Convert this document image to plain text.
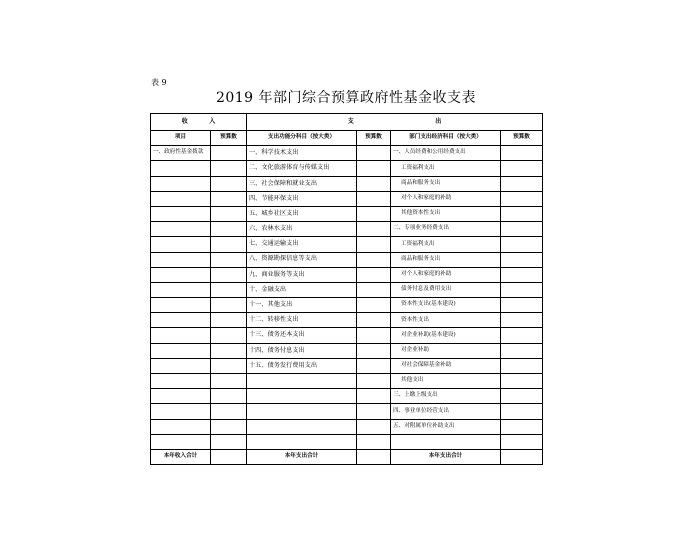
表 9
2019 年部门综合预算政府性基金收支表
收 入		支 出			

项目	预算数	支出功能分科目（按大类）	预算数	部门支出经济科目（按大类）	预算数
一、政府性基金拨款		一、科学技术支出		一、人员经费和公用经费支出	
		二、文化旅游体育与传媒支出		工资福利支出	
		三、社会保障和就业支出		商品和服务支出	
		四、节能环保支出		对个人和家庭的补助	
		五、城乡社区支出		其他资本性支出	
		六、农林水支出		二、专项业务经费支出	
		七、交通运输支出		工资福利支出	
		八、资源勘探信息等支出		商品和服务支出	
		九、商业服务等支出		对个人和家庭的补助	
		十、金融支出		债务付息及费用支出	
		十一、其他支出		资本性支出(基本建设)	
		十二、转移性支出		资本性支出	
		十三、债务还本支出		对企业补助(基本建设)	
		十四、债务付息支出		对企业补助	
		十五、债务发行费用支出		对社会保障基金补助	
				其他支出	
				三、上缴上级支出	
				四、事业单位经营支出	
				五、对附属单位补助支出	

本年收入合计		本年支出合计		本年支出合计	
